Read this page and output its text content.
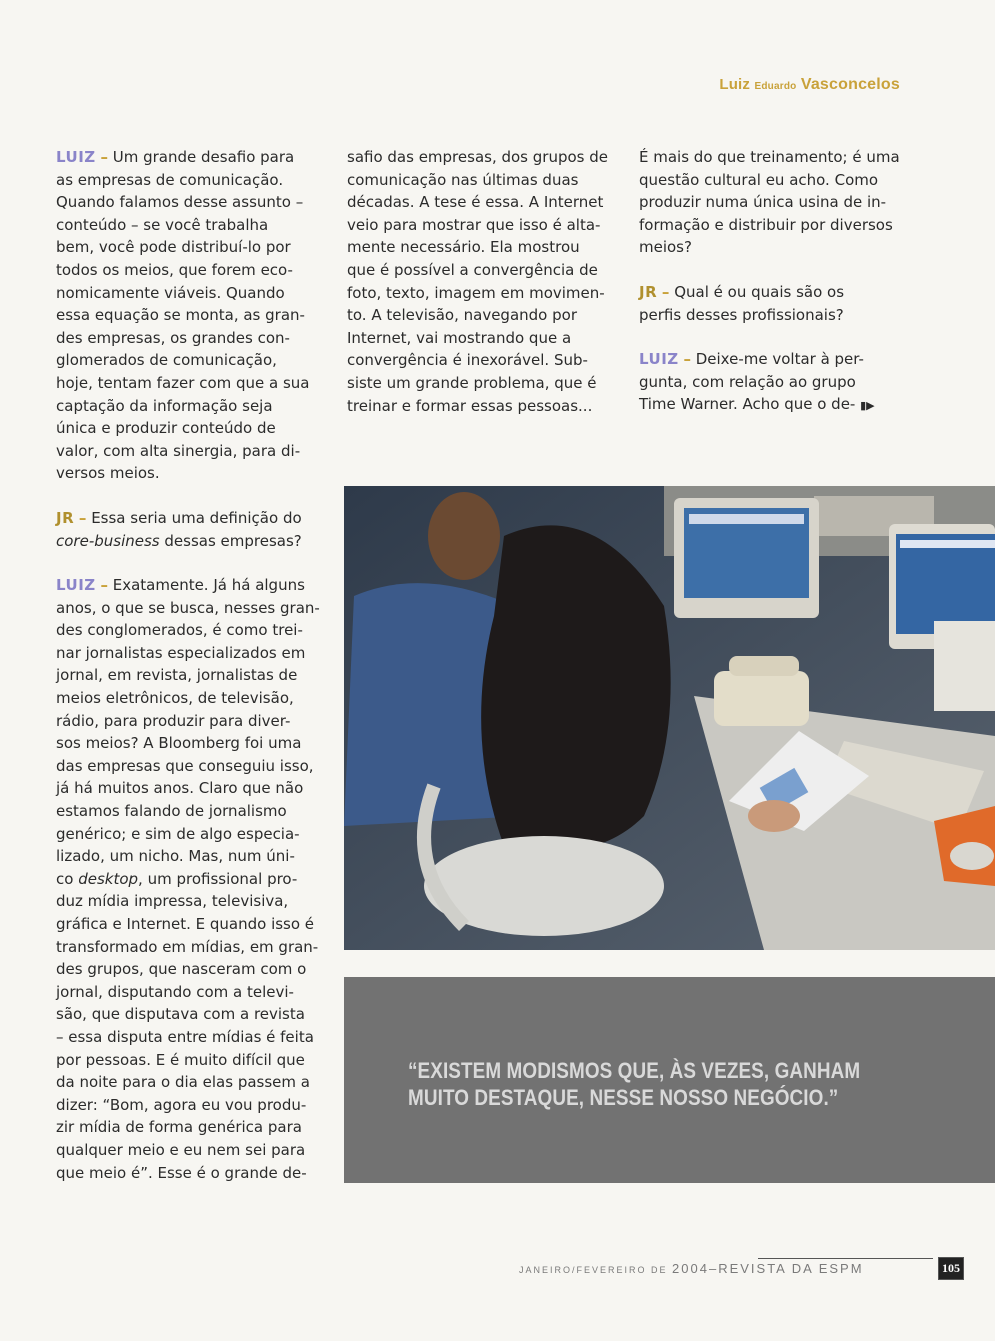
Luiz Eduardo Vasconcelos
LUIZ – Um grande desafio para
as empresas de comunicação.
Quando falamos desse assunto –
conteúdo – se você trabalha
bem, você pode distribuí-lo por
todos os meios, que forem eco-
nomicamente viáveis. Quando
essa equação se monta, as gran-
des empresas, os grandes con-
glomerados de comunicação,
hoje, tentam fazer com que a sua
captação da informação seja
única e produzir conteúdo de
valor, com alta sinergia, para di-
versos meios.
JR – Essa seria uma definição do
core-business dessas empresas?
LUIZ – Exatamente. Já há alguns
anos, o que se busca, nesses gran-
des conglomerados, é como trei-
nar jornalistas especializados em
jornal, em revista, jornalistas de
meios eletrônicos, de televisão,
rádio, para produzir para diver-
sos meios? A Bloomberg foi uma
das empresas que conseguiu isso,
já há muitos anos. Claro que não
estamos falando de jornalismo
genérico; e sim de algo especia-
lizado, um nicho. Mas, num úni-
co desktop, um profissional pro-
duz mídia impressa, televisiva,
gráfica e Internet. E quando isso é
transformado em mídias, em gran-
des grupos, que nasceram com o
jornal, disputando com a televi-
são, que disputava com a revista
– essa disputa entre mídias é feita
por pessoas. E é muito difícil que
da noite para o dia elas passem a
dizer: “Bom, agora eu vou produ-
zir mídia de forma genérica para
qualquer meio e eu nem sei para
que meio é”. Esse é o grande de-
safio das empresas, dos grupos de
comunicação nas últimas duas
décadas. A tese é essa. A Internet
veio para mostrar que isso é alta-
mente necessário. Ela mostrou
que é possível a convergência de
foto, texto, imagem em movimen-
to. A televisão, navegando por
Internet, vai mostrando que a
convergência é inexorável. Sub-
siste um grande problema, que é
treinar e formar essas pessoas...
É mais do que treinamento; é uma
questão cultural eu acho. Como
produzir numa única usina de in-
formação e distribuir por diversos
meios?
JR – Qual é ou quais são os
perfis desses profissionais?
LUIZ – Deixe-me voltar à per-
gunta, com relação ao grupo
Time Warner. Acho que o de- ▮▶
“EXISTEM MODISMOS QUE, ÀS VEZES, GANHAM
MUITO DESTAQUE, NESSE NOSSO NEGÓCIO.”
JANEIRO/FEVEREIRO DE 2004–REVISTA DA ESPM	105
